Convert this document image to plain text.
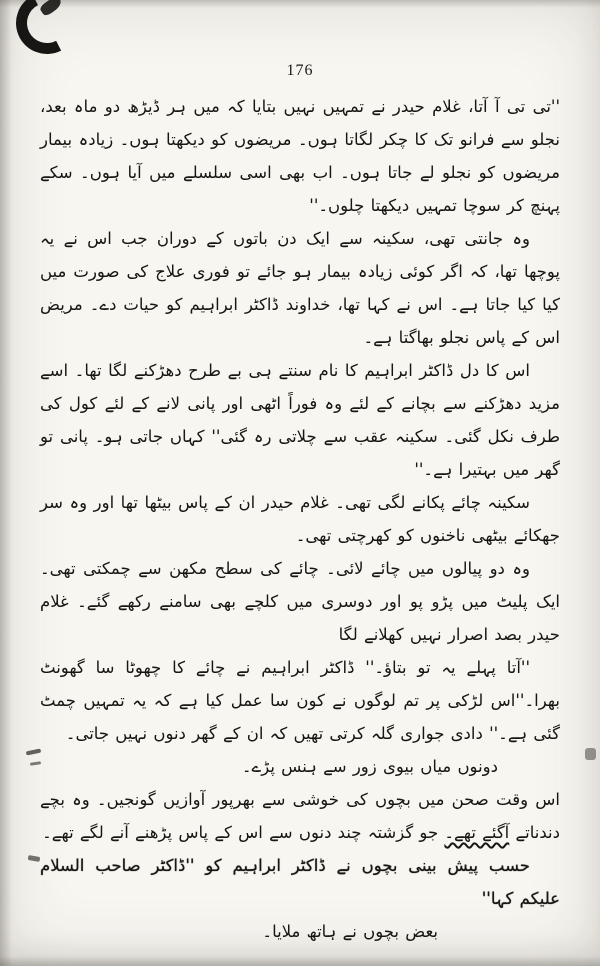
176

''تی تی آ آتا، غلام حیدر نے تمہیں نہیں بتایا کہ میں ہر ڈیڑھ دو ماہ بعد، نجلو سے فرانو تک کا چکر لگاتا ہوں۔ مریضوں کو دیکھتا ہوں۔ زیادہ بیمار مریضوں کو نجلو لے جاتا ہوں۔ اب بھی اسی سلسلے میں آیا ہوں۔ سکے پہنچ کر سوچا تمہیں دیکھتا چلوں۔''

وہ جانتی تھی، سکینہ سے ایک دن باتوں کے دوران جب اس نے یہ پوچھا تھا، کہ اگر کوئی زیادہ بیمار ہو جائے تو فوری علاج کی صورت میں کیا کیا جاتا ہے۔ اس نے کہا تھا، خداوند ڈاکٹر ابراہیم کو حیات دے۔ مریض اس کے پاس نجلو بھاگتا ہے۔

اس کا دل ڈاکٹر ابراہیم کا نام سنتے ہی بے طرح دھڑکنے لگا تھا۔ اسے مزید دھڑکنے سے بچانے کے لئے وہ فوراً اٹھی اور پانی لانے کے لئے کول کی طرف نکل گئی۔ سکینہ عقب سے چلاتی رہ گئی'' کہاں جاتی ہو۔ پانی تو گھر میں بہتیرا ہے۔''

سکینہ چائے پکانے لگی تھی۔ غلام حیدر ان کے پاس بیٹھا تھا اور وہ سر جھکائے بیٹھی ناخنوں کو کھرچتی تھی۔

وہ دو پیالوں میں چائے لائی۔ چائے کی سطح مکھن سے چمکتی تھی۔ ایک پلیٹ میں پڑو پو اور دوسری میں کلچے بھی سامنے رکھے گئے۔ غلام حیدر بصد اصرار نہیں کھلانے لگا

''آتا پہلے یہ تو بتاؤ۔'' ڈاکٹر ابراہیم نے چائے کا چھوٹا سا گھونٹ بھرا۔''اس لڑکی پر تم لوگوں نے کون سا عمل کیا ہے کہ یہ تمہیں چمٹ گئی ہے۔'' دادی جواری گلہ کرتی تھیں کہ ان کے گھر دنوں نہیں جاتی۔

دونوں میاں بیوی زور سے ہنس پڑے۔

اس وقت صحن میں بچوں کی خوشی سے بھرپور آوازیں گونجیں۔ وہ بچے دندناتے آگئے تھے۔ جو گزشتہ چند دنوں سے اس کے پاس پڑھنے آنے لگے تھے۔

حسب پیش بینی بچوں نے ڈاکٹر ابراہیم کو ''ڈاکٹر صاحب السلام علیکم کہا''

بعض بچوں نے ہاتھ ملایا۔
